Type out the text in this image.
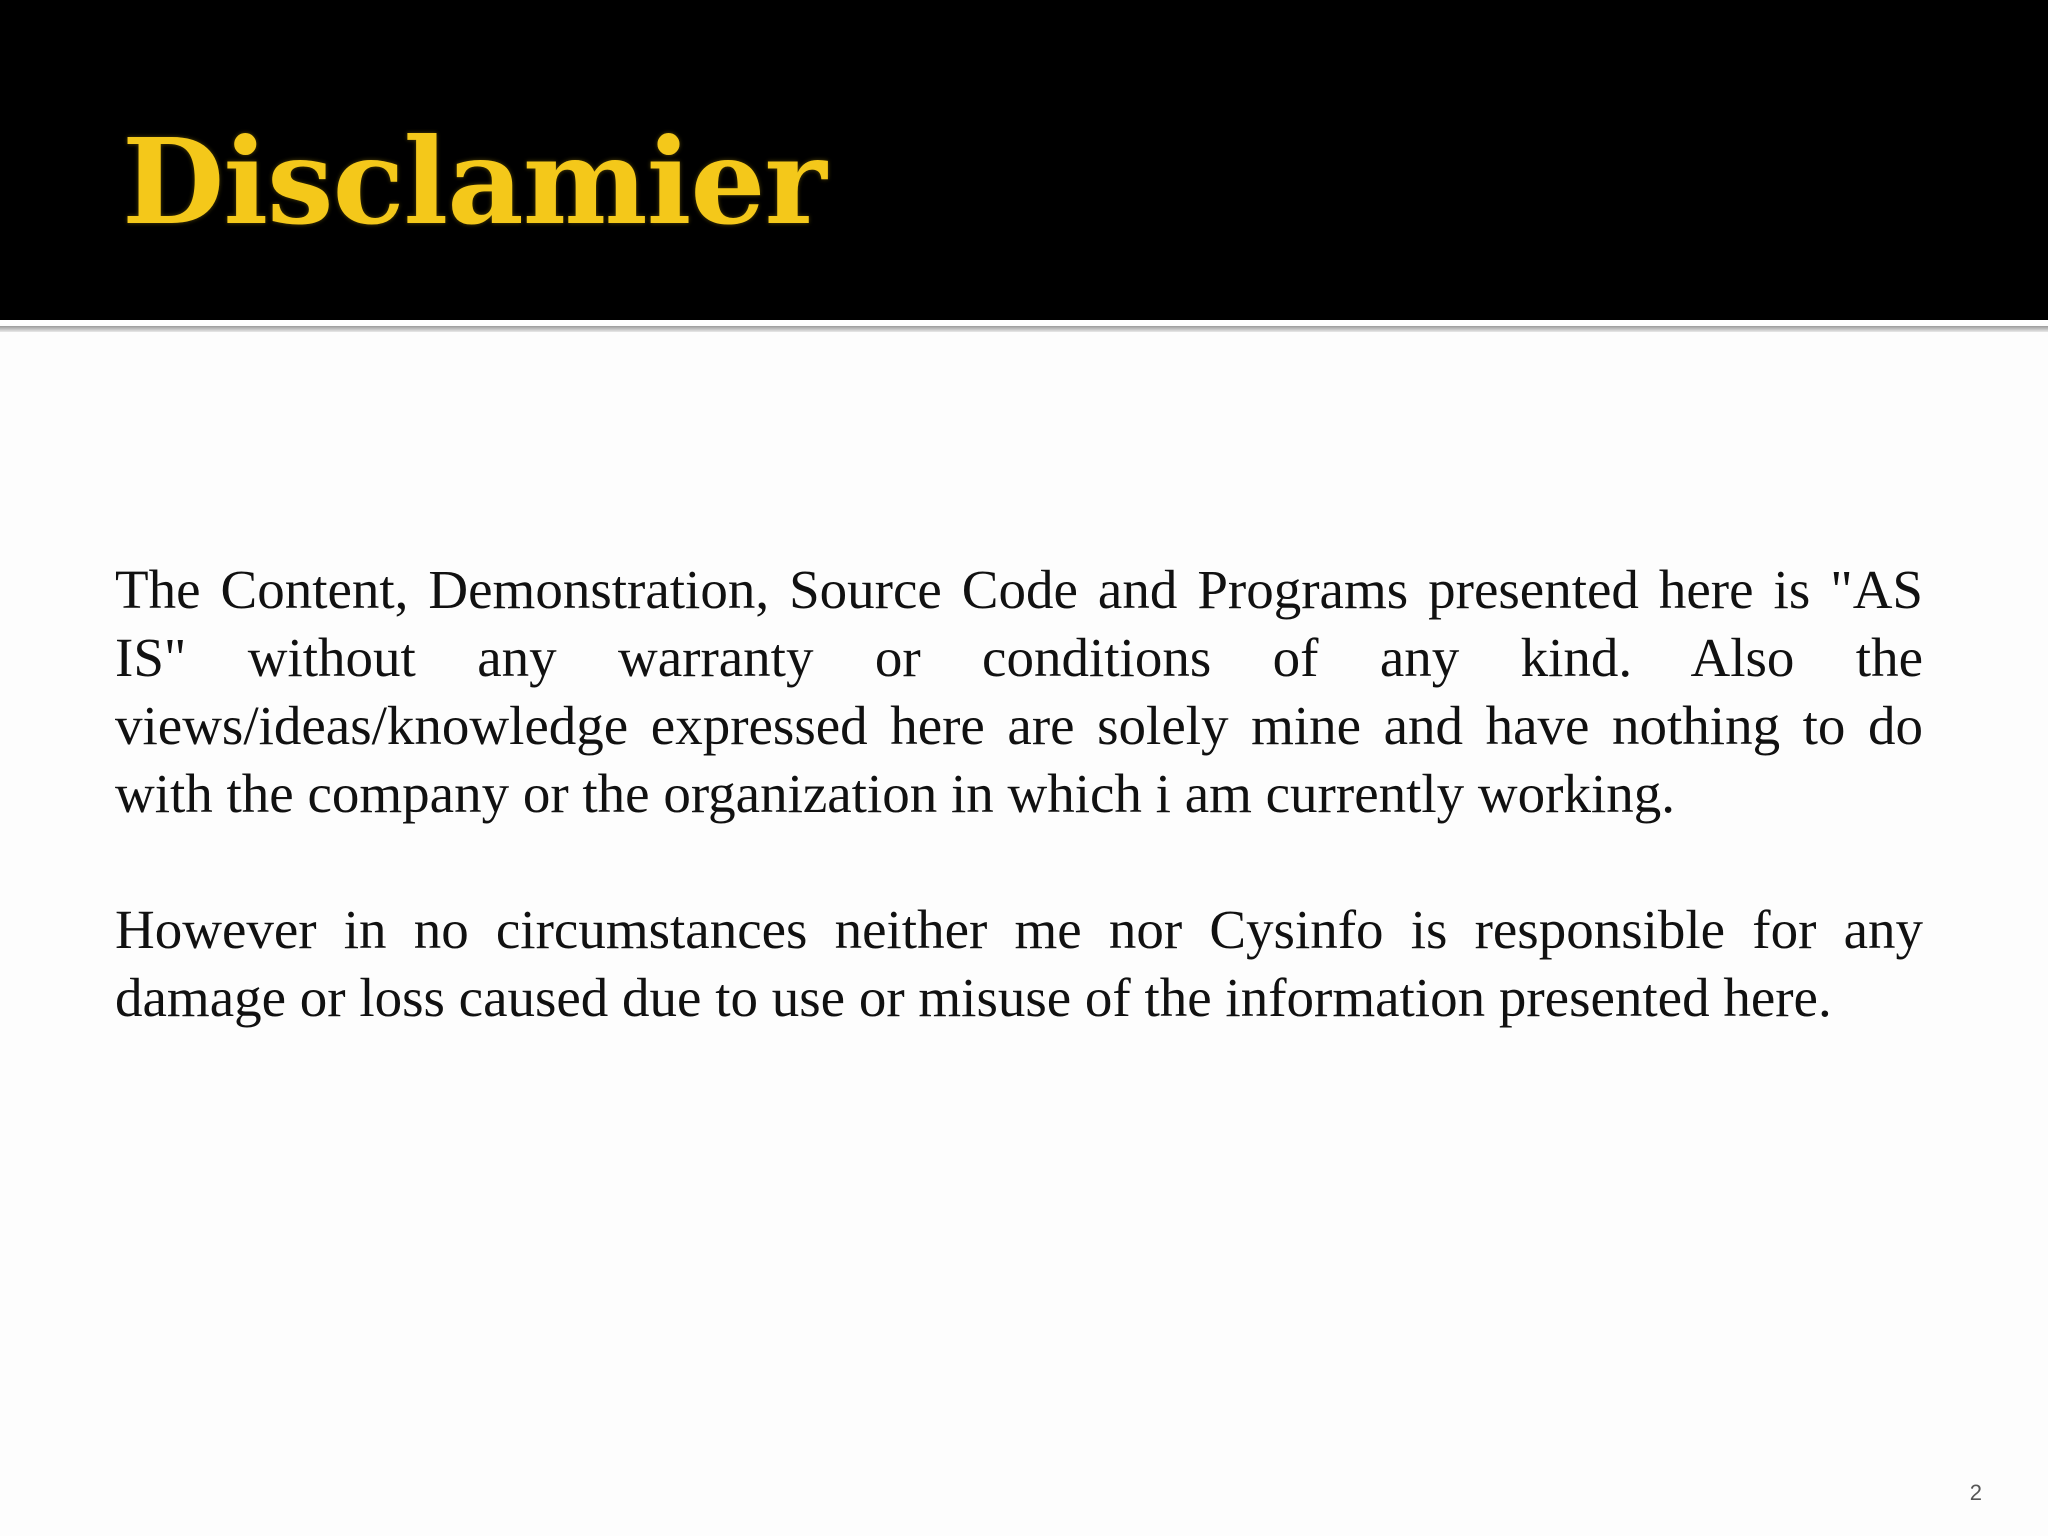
Disclamier

The Content, Demonstration, Source Code and Programs presented here is "AS IS" without any warranty or conditions of any kind. Also the views/ideas/knowledge expressed here are solely mine and have nothing to do with the company or the organization in which i am currently working.

However in no circumstances neither me nor Cysinfo is responsible for any damage or loss caused due to use or misuse of the information presented here.

2
